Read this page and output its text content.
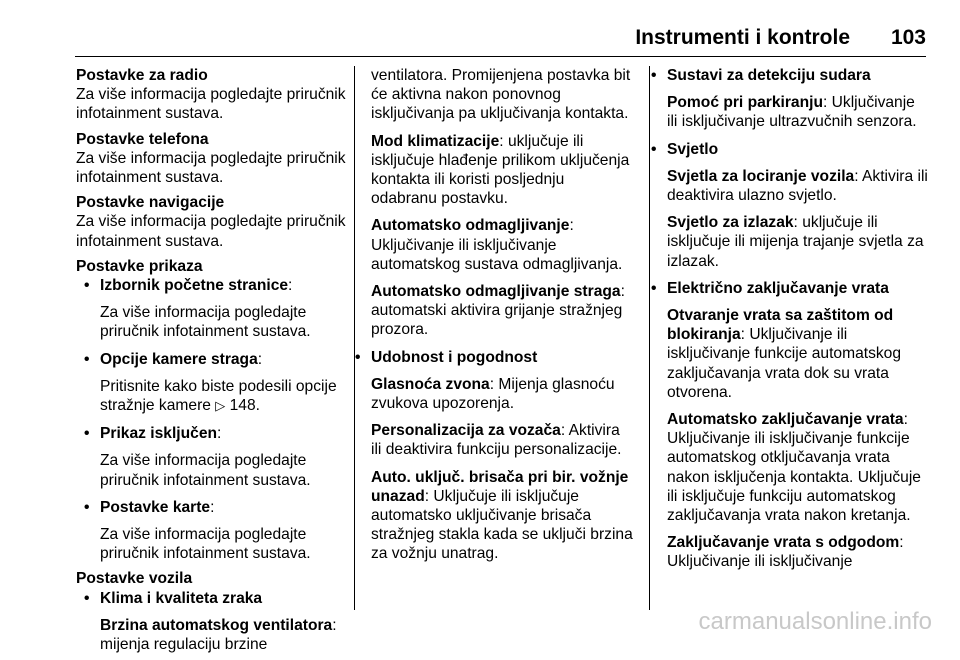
Instrumenti i kontrole 103
Postavke za radio
Za više informacija pogledajte priručnik infotainment sustava.
Postavke telefona
Za više informacija pogledajte priručnik infotainment sustava.
Postavke navigacije
Za više informacija pogledajte priručnik infotainment sustava.
Postavke prikaza
• Izbornik početne stranice:
Za više informacija pogledajte priručnik infotainment sustava.
• Opcije kamere straga:
Pritisnite kako biste podesili opcije stražnje kamere ▷ 148.
• Prikaz isključen:
Za više informacija pogledajte priručnik infotainment sustava.
• Postavke karte:
Za više informacija pogledajte priručnik infotainment sustava.
Postavke vozila
• Klima i kvaliteta zraka
Brzina automatskog ventilatora: mijenja regulaciju brzine
ventilatora. Promijenjena postavka bit će aktivna nakon ponovnog isključivanja pa uključivanja kontakta.
Mod klimatizacije: uključuje ili isključuje hlađenje prilikom uključenja kontakta ili koristi posljednju odabranu postavku.
Automatsko odmagljivanje: Uključivanje ili isključivanje automatskog sustava odmagljivanja.
Automatsko odmagljivanje straga: automatski aktivira grijanje stražnjeg prozora.
• Udobnost i pogodnost
Glasnoća zvona: Mijenja glasnoću zvukova upozorenja.
Personalizacija za vozača: Aktivira ili deaktivira funkciju personalizacije.
Auto. uključ. brisača pri bir. vožnje unazad: Uključuje ili isključuje automatsko uključivanje brisača stražnjeg stakla kada se uključi brzina za vožnju unatrag.
• Sustavi za detekciju sudara
Pomoć pri parkiranju: Uključivanje ili isključivanje ultrazvučnih senzora.
• Svjetlo
Svjetla za lociranje vozila: Aktivira ili deaktivira ulazno svjetlo.
Svjetlo za izlazak: uključuje ili isključuje ili mijenja trajanje svjetla za izlazak.
• Električno zaključavanje vrata
Otvaranje vrata sa zaštitom od blokiranja: Uključivanje ili isključivanje funkcije automatskog zaključavanja vrata dok su vrata otvorena.
Automatsko zaključavanje vrata: Uključivanje ili isključivanje funkcije automatskog otključavanja vrata nakon isključenja kontakta. Uključuje ili isključuje funkciju automatskog zaključavanja vrata nakon kretanja.
Zaključavanje vrata s odgodom: Uključivanje ili isključivanje
carmanualsonline.info
